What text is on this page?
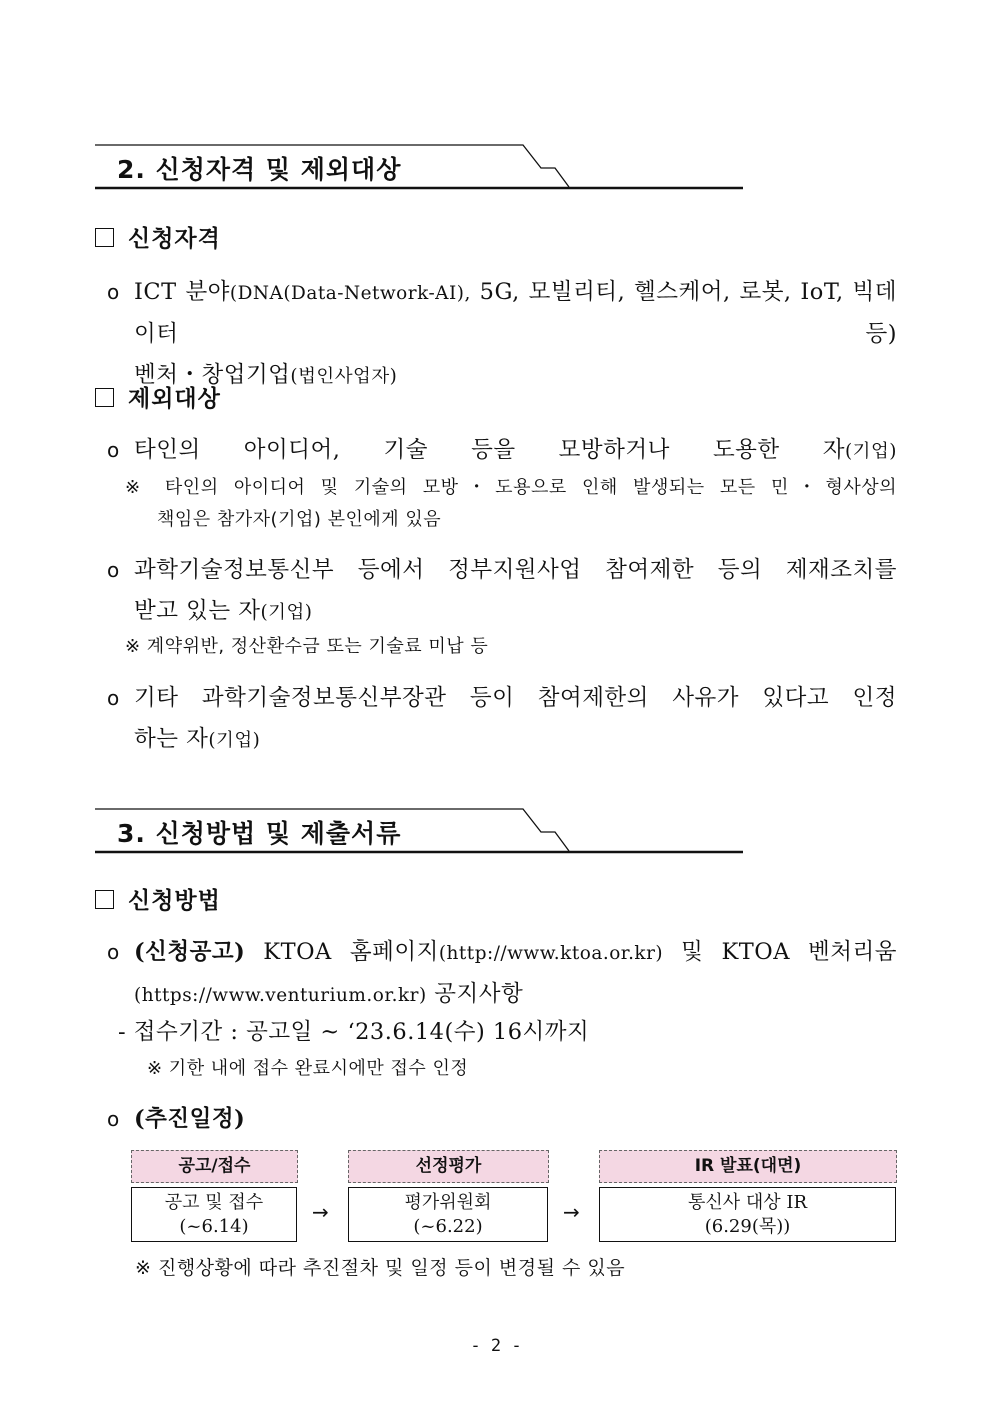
2. 신청자격 및 제외대상
신청자격
o ICT 분야(DNA(Data-Network-AI), 5G, 모빌리티, 헬스케어, 로봇, IoT, 빅데이터 등)
벤처・창업기업(법인사업자)
제외대상
o 타인의 아이디어, 기술 등을 모방하거나 도용한 자(기업)
※ 타인의 아이디어 및 기술의 모방・도용으로 인해 발생되는 모든 민・형사상의
책임은 참가자(기업) 본인에게 있음
o 과학기술정보통신부 등에서 정부지원사업 참여제한 등의 제재조치를
받고 있는 자(기업)
※ 계약위반, 정산환수금 또는 기술료 미납 등
o 기타 과학기술정보통신부장관 등이 참여제한의 사유가 있다고 인정
하는 자(기업)
3. 신청방법 및 제출서류
신청방법
o (신청공고) KTOA 홈페이지(http://www.ktoa.or.kr) 및 KTOA 벤처리움
(https://www.venturium.or.kr) 공지사항
- 접수기간 : 공고일 ~ ‘23.6.14(수) 16시까지
※ 기한 내에 접수 완료시에만 접수 인정
o (추진일정)
공고/접수	선정평가	IR 발표(대면)
공고 및 접수
(~6.14)
→	평가위원회
(~6.22)
→	통신사 대상 IR
(6.29(목))
※ 진행상황에 따라 추진절차 및 일정 등이 변경될 수 있음
- 2 -
